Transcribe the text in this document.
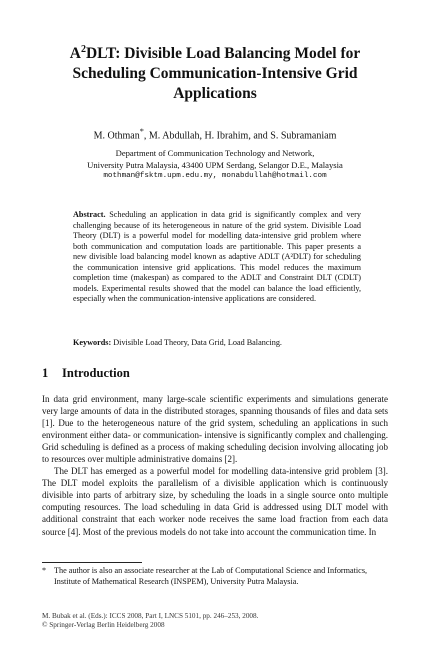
$A^2DLT$: Divisible Load Balancing Model for
Scheduling Communication-Intensive Grid
Applications
M. Othman*, M. Abdullah, H. Ibrahim, and S. Subramaniam
Department of Communication Technology and Network,
University Putra Malaysia, 43400 UPM Serdang, Selangor D.E., Malaysia
mothman@fsktm.upm.edu.my, monabdullah@hotmail.com
Abstract. Scheduling an application in data grid is significantly complex and very challenging because of its heterogeneous in nature of the grid system. Divisible Load Theory (DLT) is a powerful model for modelling data-intensive grid problem where both communication and computation loads are partitionable. This paper presents a new divisible load balancing model known as adaptive ADLT (A²DLT) for scheduling the communication intensive grid applications. This model reduces the maximum completion time (makespan) as compared to the ADLT and Constraint DLT (CDLT) models. Experimental results showed that the model can balance the load efficiently, especially when the communication-intensive applications are considered.
Keywords: Divisible Load Theory, Data Grid, Load Balancing.
1 Introduction

In data grid environment, many large-scale scientific experiments and simulations generate very large amounts of data in the distributed storages, spanning thousands of files and data sets [1]. Due to the heterogeneous nature of the grid system, scheduling an applications in such environment either data- or communication- intensive is significantly complex and challenging. Grid scheduling is defined as a process of making scheduling decision involving allocating job to resources over multiple administrative domains [2].

The DLT has emerged as a powerful model for modelling data-intensive grid problem [3]. The DLT model exploits the parallelism of a divisible application which is continuously divisible into parts of arbitrary size, by scheduling the loads in a single source onto multiple computing resources. The load scheduling in data Grid is addressed using DLT model with additional constraint that each worker node receives the same load fraction from each data source [4]. Most of the previous models do not take into account the communication time. In

* The author is also an associate researcher at the Lab of Computational Science and Informatics, Institute of Mathematical Research (INSPEM), University Putra Malaysia.
M. Bubak et al. (Eds.): ICCS 2008, Part I, LNCS 5101, pp. 246–253, 2008.
© Springer-Verlag Berlin Heidelberg 2008
